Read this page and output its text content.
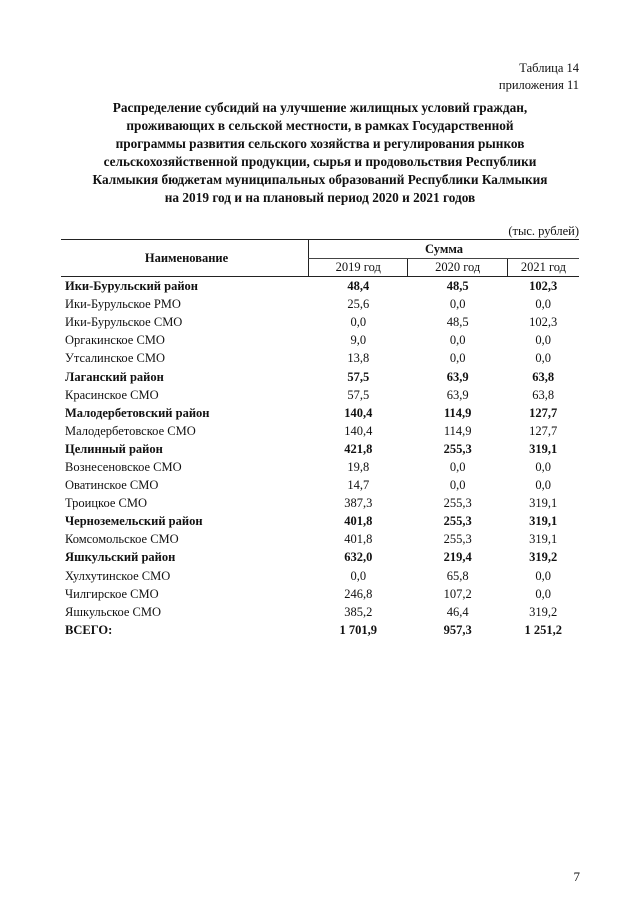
Таблица 14
приложения 11
Распределение субсидий на улучшение жилищных условий граждан,
проживающих в сельской местности, в рамках Государственной
программы развития сельского хозяйства и регулирования рынков
сельскохозяйственной продукции, сырья и продовольствия Республики
Калмыкия бюджетам муниципальных образований Республики Калмыкия
на 2019 год и на плановый период 2020 и 2021 годов
(тыс. рублей)
Наименование	Сумма		
	2019 год	2020 год	2021 год
Ики-Бурульский район	48,4	48,5	102,3
Ики-Бурульское РМО	25,6	0,0	0,0
Ики-Бурульское СМО	0,0	48,5	102,3
Оргакинское СМО	9,0	0,0	0,0
Утсалинское СМО	13,8	0,0	0,0
Лаганский район	57,5	63,9	63,8
Красинское СМО	57,5	63,9	63,8
Малодербетовский район	140,4	114,9	127,7
Малодербетовское СМО	140,4	114,9	127,7
Целинный район	421,8	255,3	319,1
Вознесеновское СМО	19,8	0,0	0,0
Оватинское СМО	14,7	0,0	0,0
Троицкое СМО	387,3	255,3	319,1
Черноземельский район	401,8	255,3	319,1
Комсомольское СМО	401,8	255,3	319,1
Яшкульский район	632,0	219,4	319,2
Хулхутинское СМО	0,0	65,8	0,0
Чилгирское СМО	246,8	107,2	0,0
Яшкульское СМО	385,2	46,4	319,2
ВСЕГО:	1 701,9	957,3	1 251,2
7
